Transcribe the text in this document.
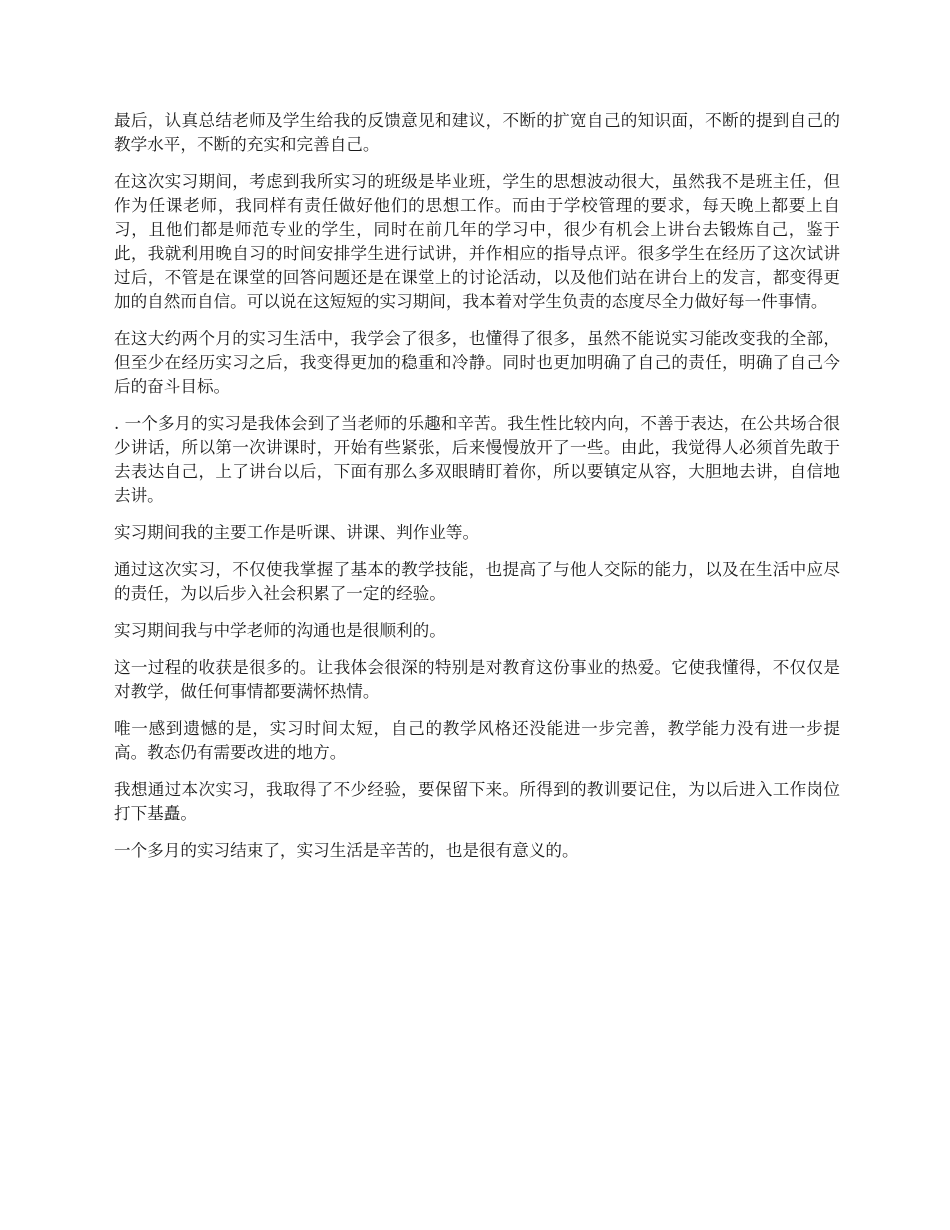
最后，认真总结老师及学生给我的反馈意见和建议，不断的扩宽自己的知识面，不断的提到自己的教学水平，不断的充实和完善自己。

在这次实习期间，考虑到我所实习的班级是毕业班，学生的思想波动很大，虽然我不是班主任，但作为任课老师，我同样有责任做好他们的思想工作。而由于学校管理的要求，每天晚上都要上自习，且他们都是师范专业的学生，同时在前几年的学习中，很少有机会上讲台去锻炼自己，鉴于此，我就利用晚自习的时间安排学生进行试讲，并作相应的指导点评。很多学生在经历了这次试讲过后，不管是在课堂的回答问题还是在课堂上的讨论活动，以及他们站在讲台上的发言，都变得更加的自然而自信。可以说在这短短的实习期间，我本着对学生负责的态度尽全力做好每一件事情。

在这大约两个月的实习生活中，我学会了很多，也懂得了很多，虽然不能说实习能改变我的全部，但至少在经历实习之后，我变得更加的稳重和冷静。同时也更加明确了自己的责任，明确了自己今后的奋斗目标。

. 一个多月的实习是我体会到了当老师的乐趣和辛苦。我生性比较内向，不善于表达，在公共场合很少讲话，所以第一次讲课时，开始有些紧张，后来慢慢放开了一些。由此，我觉得人必须首先敢于去表达自己，上了讲台以后，下面有那么多双眼睛盯着你，所以要镇定从容，大胆地去讲，自信地去讲。

实习期间我的主要工作是听课、讲课、判作业等。

通过这次实习，不仅使我掌握了基本的教学技能，也提高了与他人交际的能力，以及在生活中应尽的责任，为以后步入社会积累了一定的经验。

实习期间我与中学老师的沟通也是很顺利的。

这一过程的收获是很多的。让我体会很深的特别是对教育这份事业的热爱。它使我懂得，不仅仅是对教学，做任何事情都要满怀热情。

唯一感到遗憾的是，实习时间太短，自己的教学风格还没能进一步完善，教学能力没有进一步提高。教态仍有需要改进的地方。

我想通过本次实习，我取得了不少经验，要保留下来。所得到的教训要记住，为以后进入工作岗位打下基矗。

一个多月的实习结束了，实习生活是辛苦的，也是很有意义的。
